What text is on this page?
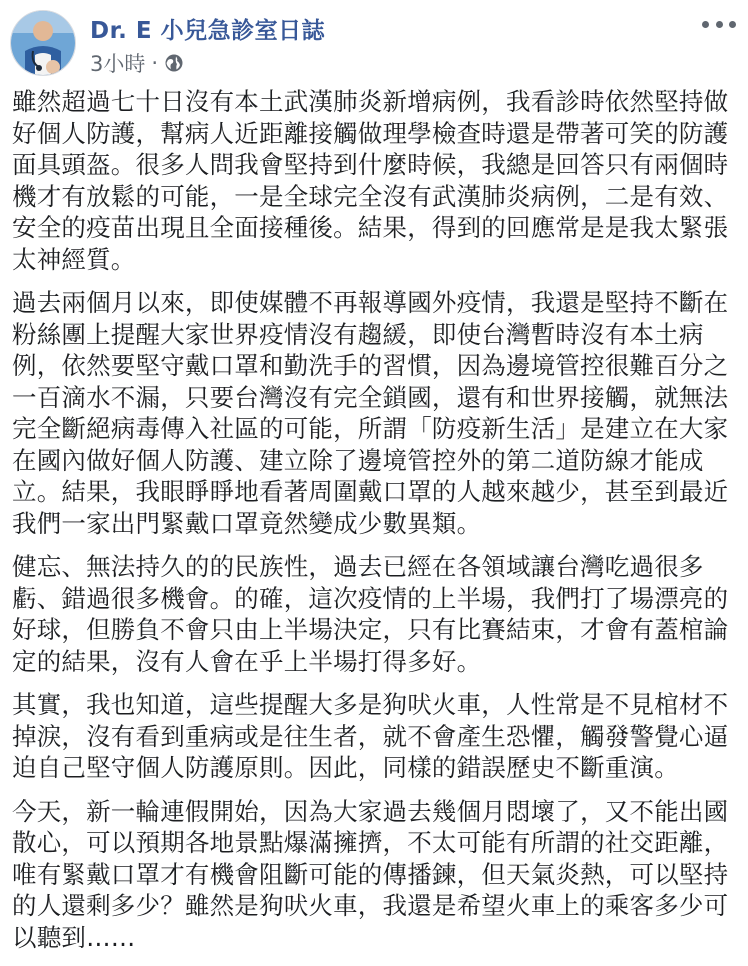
Dr. E 小兒急診室日誌
3小時 ·

雖然超過七十日沒有本土武漢肺炎新增病例，我看診時依然堅持做
好個人防護，幫病人近距離接觸做理學檢查時還是帶著可笑的防護
面具頭盔。很多人問我會堅持到什麼時候，我總是回答只有兩個時
機才有放鬆的可能，一是全球完全沒有武漢肺炎病例，二是有效、
安全的疫苗出現且全面接種後。結果，得到的回應常是是我太緊張
太神經質。

過去兩個月以來，即使媒體不再報導國外疫情，我還是堅持不斷在
粉絲團上提醒大家世界疫情沒有趨緩，即使台灣暫時沒有本土病
例，依然要堅守戴口罩和勤洗手的習慣，因為邊境管控很難百分之
一百滴水不漏，只要台灣沒有完全鎖國，還有和世界接觸，就無法
完全斷絕病毒傳入社區的可能，所謂「防疫新生活」是建立在大家
在國內做好個人防護、建立除了邊境管控外的第二道防線才能成
立。結果，我眼睜睜地看著周圍戴口罩的人越來越少，甚至到最近
我們一家出門緊戴口罩竟然變成少數異類。

健忘、無法持久的的民族性，過去已經在各領域讓台灣吃過很多
虧、錯過很多機會。的確，這次疫情的上半場，我們打了場漂亮的
好球，但勝負不會只由上半場決定，只有比賽結束，才會有蓋棺論
定的結果，沒有人會在乎上半場打得多好。

其實，我也知道，這些提醒大多是狗吠火車，人性常是不見棺材不
掉淚，沒有看到重病或是往生者，就不會產生恐懼，觸發警覺心逼
迫自己堅守個人防護原則。因此，同樣的錯誤歷史不斷重演。

今天，新一輪連假開始，因為大家過去幾個月悶壞了，又不能出國
散心，可以預期各地景點爆滿擁擠，不太可能有所謂的社交距離，
唯有緊戴口罩才有機會阻斷可能的傳播鍊，但天氣炎熱，可以堅持
的人還剩多少？雖然是狗吠火車，我還是希望火車上的乘客多少可
以聽到……
